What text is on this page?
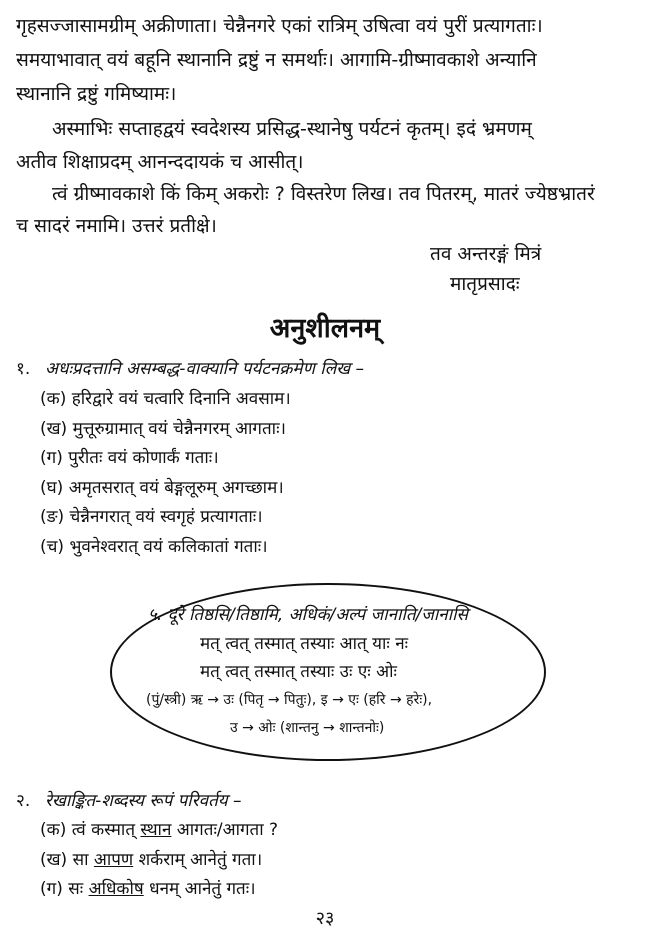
गृहसज्जासामग्रीम् अक्रीणाता। चेन्नैनगरे एकां रात्रिम् उषित्वा वयं पुरीं प्रत्यागताः।
समयाभावात् वयं बहूनि स्थानानि द्रष्टुं न समर्थाः। आगामि-ग्रीष्मावकाशे अन्यानि
स्थानानि द्रष्टुं गमिष्यामः।
अस्माभिः सप्ताहद्वयं स्वदेशस्य प्रसिद्ध-स्थानेषु पर्यटनं कृतम्। इदं भ्रमणम्
अतीव शिक्षाप्रदम् आनन्ददायकं च आसीत्।
त्वं ग्रीष्मावकाशे किं किम् अकरोः ? विस्तरेण लिख। तव पितरम्, मातरं ज्येष्ठभ्रातरं
च सादरं नमामि। उत्तरं प्रतीक्षे।
तव अन्तरङ्गं मित्रं
मातृप्रसादः
अनुशीलनम्
१. अधःप्रदत्तानि असम्बद्ध-वाक्यानि पर्यटनक्रमेण लिख –
(क) हरिद्वारे वयं चत्वारि दिनानि अवसाम।
(ख) मुत्तूरुग्रामात् वयं चेन्नैनगरम् आगताः।
(ग) पुरीतः वयं कोणार्कं गताः।
(घ) अमृतसरात् वयं बेङ्गलूरुम् अगच्छाम।
(ङ) चेन्नैनगरात् वयं स्वगृहं प्रत्यागताः।
(च) भुवनेश्वरात् वयं कलिकातां गताः।
५. दूरे तिष्ठसि/तिष्ठामि, अधिकं/अल्पं जानाति/जानासि
मत् त्वत् तस्मात् तस्याः आत् याः नः
मत् त्वत् तस्मात् तस्याः उः एः ओः
(पुं/स्त्री) ऋ → उः (पितृ → पितुः), इ → एः (हरि → हरेः),
उ → ओः (शान्तनु → शान्तनोः)
२. रेखाङ्कित-शब्दस्य रूपं परिवर्तय –
(क) त्वं कस्मात् स्थान आगतः/आगता ?
(ख) सा आपण शर्कराम् आनेतुं गता।
(ग) सः अधिकोष धनम् आनेतुं गतः।
२३
